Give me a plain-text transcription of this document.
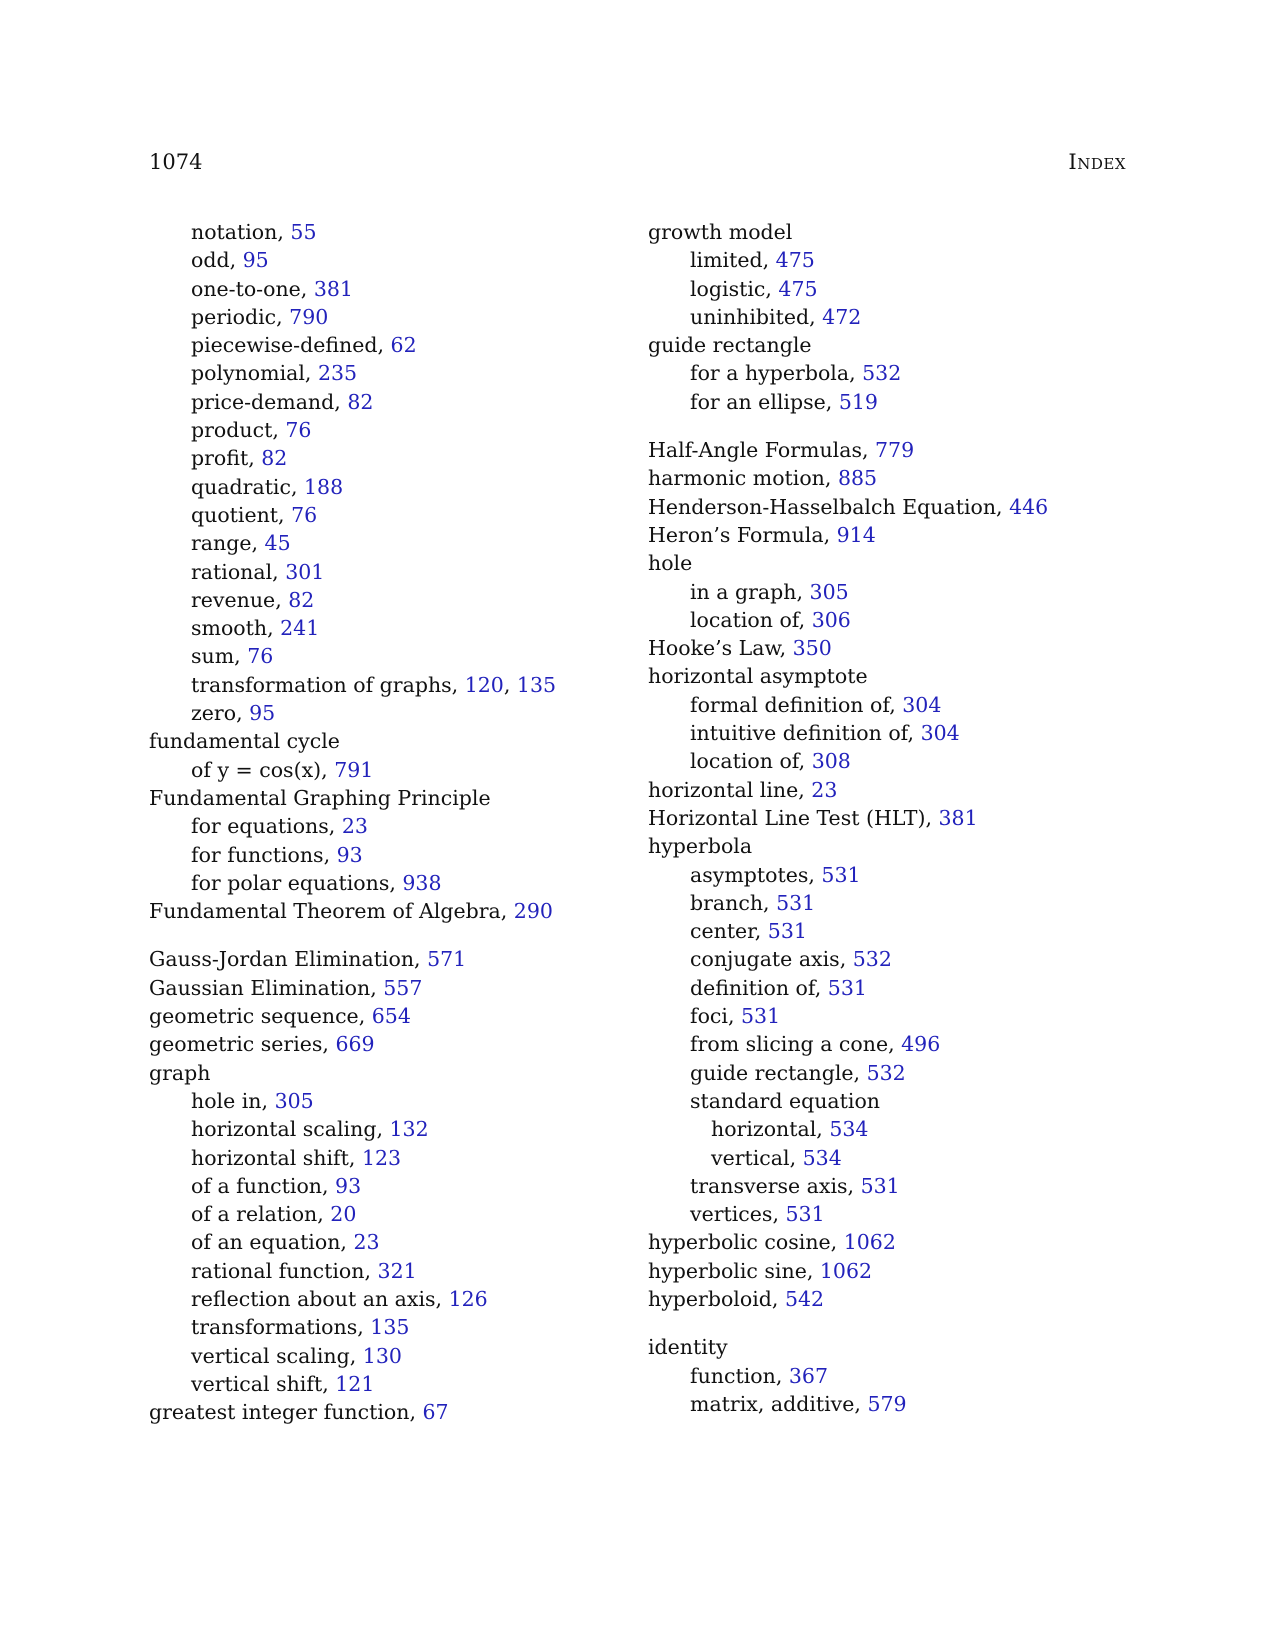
1074	Index
notation, 55
odd, 95
one-to-one, 381
periodic, 790
piecewise-defined, 62
polynomial, 235
price-demand, 82
product, 76
profit, 82
quadratic, 188
quotient, 76
range, 45
rational, 301
revenue, 82
smooth, 241
sum, 76
transformation of graphs, 120, 135
zero, 95
fundamental cycle
of y = cos(x), 791
Fundamental Graphing Principle
for equations, 23
for functions, 93
for polar equations, 938
Fundamental Theorem of Algebra, 290
Gauss-Jordan Elimination, 571
Gaussian Elimination, 557
geometric sequence, 654
geometric series, 669
graph
hole in, 305
horizontal scaling, 132
horizontal shift, 123
of a function, 93
of a relation, 20
of an equation, 23
rational function, 321
reflection about an axis, 126
transformations, 135
vertical scaling, 130
vertical shift, 121
greatest integer function, 67
growth model
limited, 475
logistic, 475
uninhibited, 472
guide rectangle
for a hyperbola, 532
for an ellipse, 519
Half-Angle Formulas, 779
harmonic motion, 885
Henderson-Hasselbalch Equation, 446
Heron’s Formula, 914
hole
in a graph, 305
location of, 306
Hooke’s Law, 350
horizontal asymptote
formal definition of, 304
intuitive definition of, 304
location of, 308
horizontal line, 23
Horizontal Line Test (HLT), 381
hyperbola
asymptotes, 531
branch, 531
center, 531
conjugate axis, 532
definition of, 531
foci, 531
from slicing a cone, 496
guide rectangle, 532
standard equation
horizontal, 534
vertical, 534
transverse axis, 531
vertices, 531
hyperbolic cosine, 1062
hyperbolic sine, 1062
hyperboloid, 542
identity
function, 367
matrix, additive, 579
